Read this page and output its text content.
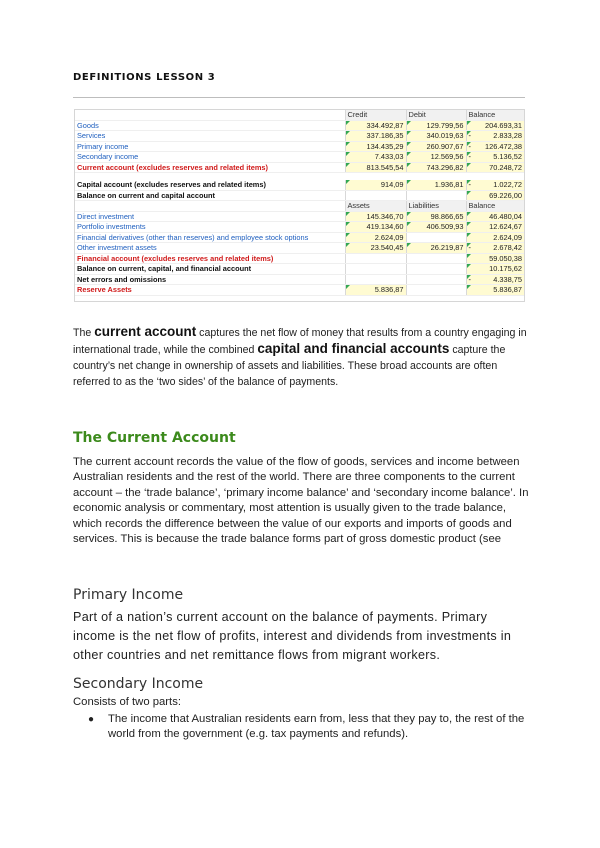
DEFINITIONS LESSON 3
	Credit	Debit	Balance
Goods	334.492,87	129.799,56	204.693,31
Services	337.186,35	340.019,63	- 2.833,28
Primary income	134.435,29	260.907,67	- 126.472,38
Secondary income	7.433,03	12.569,56	- 5.136,52
Current account (excludes reserves and related items)	813.545,54	743.296,82	70.248,72

Capital account (excludes reserves and related items)	914,09	1.936,81	- 1.022,72
Balance on current and capital account			69.226,00
	Assets	Liabilities	Balance
Direct investment	145.346,70	98.866,65	46.480,04
Portfolio investments	419.134,60	406.509,93	12.624,67
Financial derivatives (other than reserves) and employee stock options	2.624,09		2.624,09
Other investment assets	23.540,45	26.219,87	- 2.678,42
Financial account (excludes reserves and related items)			59.050,38
Balance on current, capital, and financial account			10.175,62
Net errors and omissions			- 4.338,75
Reserve Assets	5.836,87		5.836,87
The current account captures the net flow of money that results from a country engaging in international trade, while the combined capital and financial accounts capture the country’s net change in ownership of assets and liabilities. These broad accounts are often referred to as the ‘two sides’ of the balance of payments.
The Current Account
The current account records the value of the flow of goods, services and income between Australian residents and the rest of the world. There are three components to the current account – the ‘trade balance’, ‘primary income balance’ and ‘secondary income balance’. In economic analysis or commentary, most attention is usually given to the trade balance, which records the difference between the value of our exports and imports of goods and services. This is because the trade balance forms part of gross domestic product (see
Primary Income
Part of a nation’s current account on the balance of payments. Primary income is the net flow of profits, interest and dividends from investments in other countries and net remittance flows from migrant workers.
Secondary Income
Consists of two parts:
● The income that Australian residents earn from, less that they pay to, the rest of the world from the government (e.g. tax payments and refunds).
